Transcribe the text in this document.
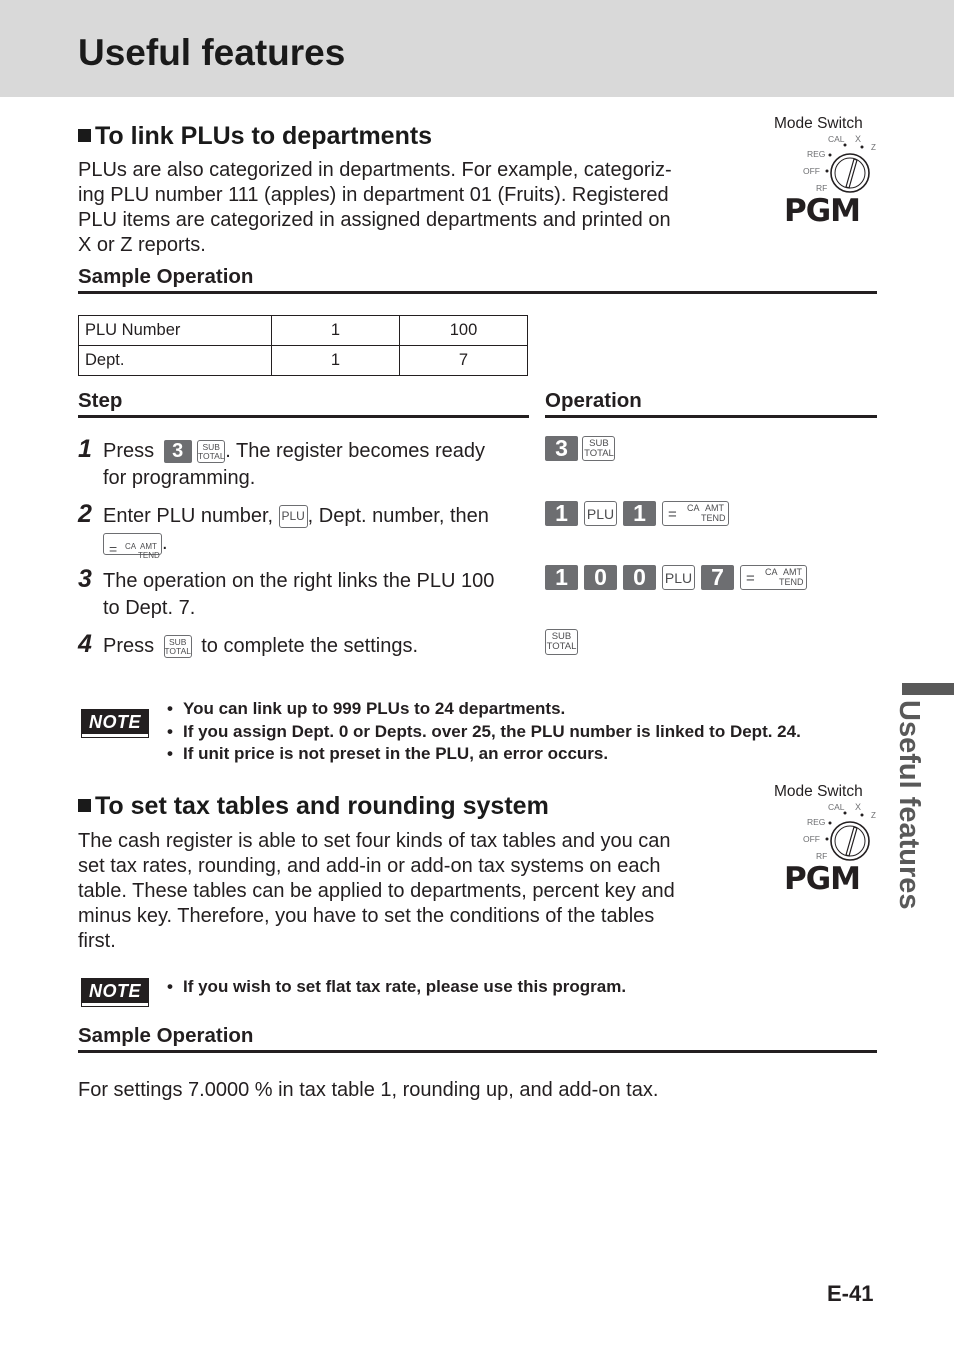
Useful features
To link PLUs to departments
PLUs are also categorized in departments. For example, categoriz-
ing PLU number 111 (apples) in department 01 (Fruits). Registered
PLU items are categorized in assigned departments and printed on
X or Z reports.
Mode Switch
CAL X
Z
REG
OFF
RF
PGM
Sample Operation
PLU Number	1	100
Dept.	1	7
Step	Operation
1 Press 3 SUB
TOTAL . The register becomes ready
for programming.
2 Enter PLU number, PLU , Dept. number, then

= CA AMT
TEND
.
3 The operation on the right links the PLU 100
to Dept. 7.
4 Press SUB
TOTAL to complete the settings.
3 SUB
TOTAL
1	PLU 1	= CA AMT
TEND
1	0	0	PLU 7	= CA AMT
TEND
SUB
TOTAL
NOTE
• You can link up to 999 PLUs to 24 departments.
• If you assign Dept. 0 or Depts. over 25, the PLU number is linked to Dept. 24.
• If unit price is not preset in the PLU, an error occurs.
To set tax tables and rounding system
The cash register is able to set four kinds of tax tables and you can
set tax rates, rounding, and add-in or add-on tax systems on each
table. These tables can be applied to departments, percent key and
minus key. Therefore, you have to set the conditions of the tables
first.
Mode Switch
CAL X
Z
REG
OFF
RF
PGM
NOTE	• If you wish to set flat tax rate, please use this program.
Sample Operation
For settings 7.0000 % in tax table 1, rounding up, and add-on tax.
Useful features
E-41
